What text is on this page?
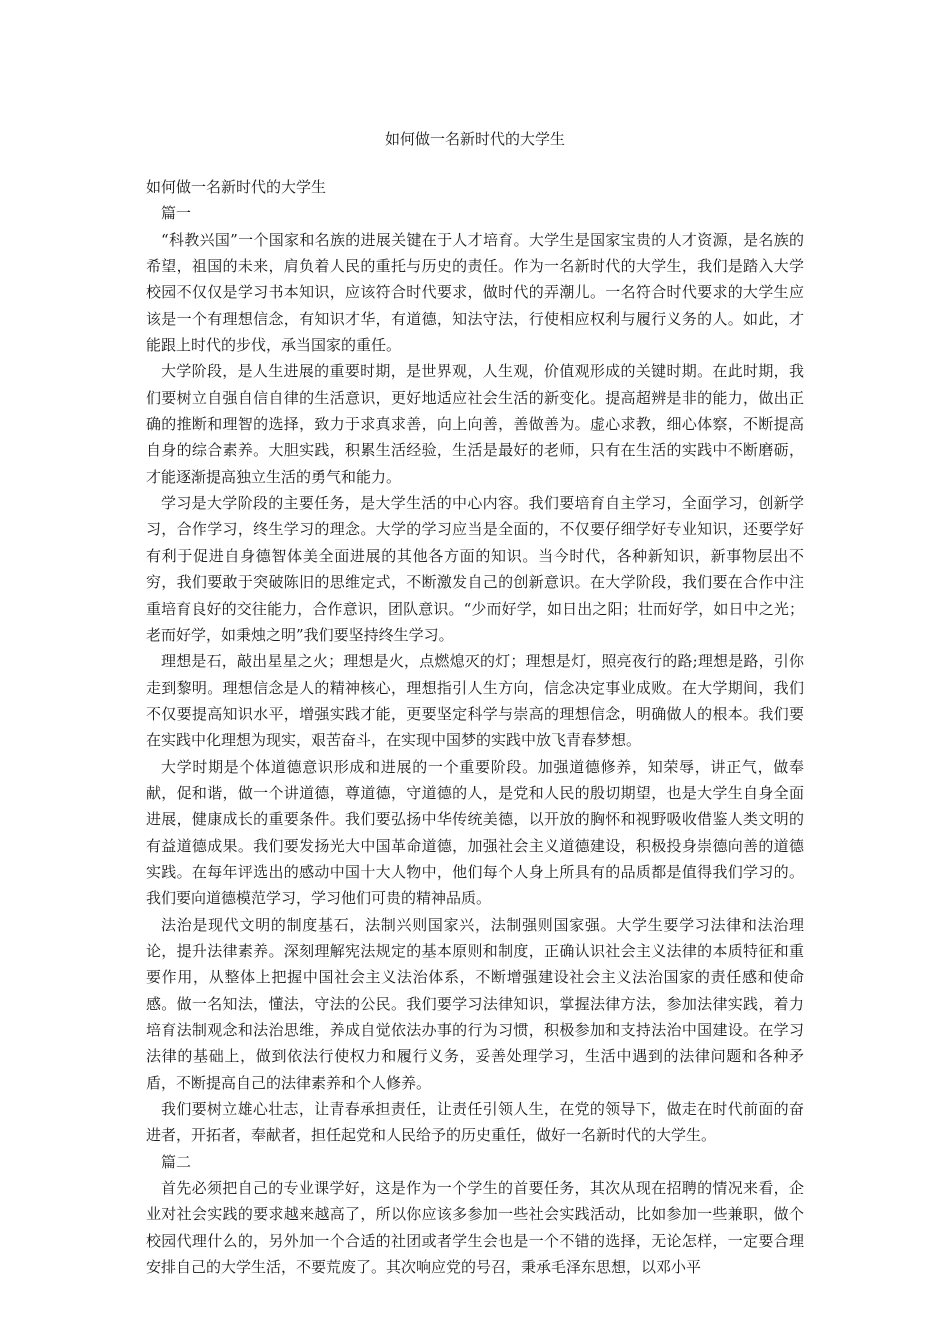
如何做一名新时代的大学生

如何做一名新时代的大学生

篇一

“科教兴国”一个国家和名族的进展关键在于人才培育。大学生是国家宝贵的人才资源，是名族的希望，祖国的未来，肩负着人民的重托与历史的责任。作为一名新时代的大学生，我们是踏入大学校园不仅仅是学习书本知识，应该符合时代要求，做时代的弄潮儿。一名符合时代要求的大学生应该是一个有理想信念，有知识才华，有道德，知法守法，行使相应权利与履行义务的人。如此，才能跟上时代的步伐，承当国家的重任。

大学阶段，是人生进展的重要时期，是世界观，人生观，价值观形成的关键时期。在此时期，我们要树立自强自信自律的生活意识，更好地适应社会生活的新变化。提高超辨是非的能力，做出正确的推断和理智的选择，致力于求真求善，向上向善，善做善为。虚心求教，细心体察，不断提高自身的综合素养。大胆实践，积累生活经验，生活是最好的老师，只有在生活的实践中不断磨砺，才能逐渐提高独立生活的勇气和能力。

学习是大学阶段的主要任务，是大学生活的中心内容。我们要培育自主学习，全面学习，创新学习，合作学习，终生学习的理念。大学的学习应当是全面的，不仅要仔细学好专业知识，还要学好有利于促进自身德智体美全面进展的其他各方面的知识。当今时代，各种新知识，新事物层出不穷，我们要敢于突破陈旧的思维定式，不断激发自己的创新意识。在大学阶段，我们要在合作中注重培育良好的交往能力，合作意识，团队意识。“少而好学，如日出之阳；壮而好学，如日中之光；老而好学，如秉烛之明”我们要坚持终生学习。

理想是石，敲出星星之火；理想是火，点燃熄灭的灯；理想是灯，照亮夜行的路;理想是路，引你走到黎明。理想信念是人的精神核心，理想指引人生方向，信念决定事业成败。在大学期间，我们不仅要提高知识水平，增强实践才能，更要坚定科学与崇高的理想信念，明确做人的根本。我们要在实践中化理想为现实，艰苦奋斗，在实现中国梦的实践中放飞青春梦想。

大学时期是个体道德意识形成和进展的一个重要阶段。加强道德修养，知荣辱，讲正气，做奉献，促和谐，做一个讲道德，尊道德，守道德的人，是党和人民的殷切期望，也是大学生自身全面进展，健康成长的重要条件。我们要弘扬中华传统美德，以开放的胸怀和视野吸收借鉴人类文明的有益道德成果。我们要发扬光大中国革命道德，加强社会主义道德建设，积极投身崇德向善的道德实践。在每年评选出的感动中国十大人物中，他们每个人身上所具有的品质都是值得我们学习的。我们要向道德模范学习，学习他们可贵的精神品质。

法治是现代文明的制度基石，法制兴则国家兴，法制强则国家强。大学生要学习法律和法治理论，提升法律素养。深刻理解宪法规定的基本原则和制度，正确认识社会主义法律的本质特征和重要作用，从整体上把握中国社会主义法治体系，不断增强建设社会主义法治国家的责任感和使命感。做一名知法，懂法，守法的公民。我们要学习法律知识，掌握法律方法，参加法律实践，着力培育法制观念和法治思维，养成自觉依法办事的行为习惯，积极参加和支持法治中国建设。在学习法律的基础上，做到依法行使权力和履行义务，妥善处理学习，生活中遇到的法律问题和各种矛盾，不断提高自己的法律素养和个人修养。

我们要树立雄心壮志，让青春承担责任，让责任引领人生，在党的领导下，做走在时代前面的奋进者，开拓者，奉献者，担任起党和人民给予的历史重任，做好一名新时代的大学生。

篇二

首先必须把自己的专业课学好，这是作为一个学生的首要任务，其次从现在招聘的情况来看，企业对社会实践的要求越来越高了，所以你应该多参加一些社会实践活动，比如参加一些兼职，做个校园代理什么的，另外加一个合适的社团或者学生会也是一个不错的选择，无论怎样，一定要合理安排自己的大学生活，不要荒废了。其次响应党的号召，秉承毛泽东思想，以邓小平
